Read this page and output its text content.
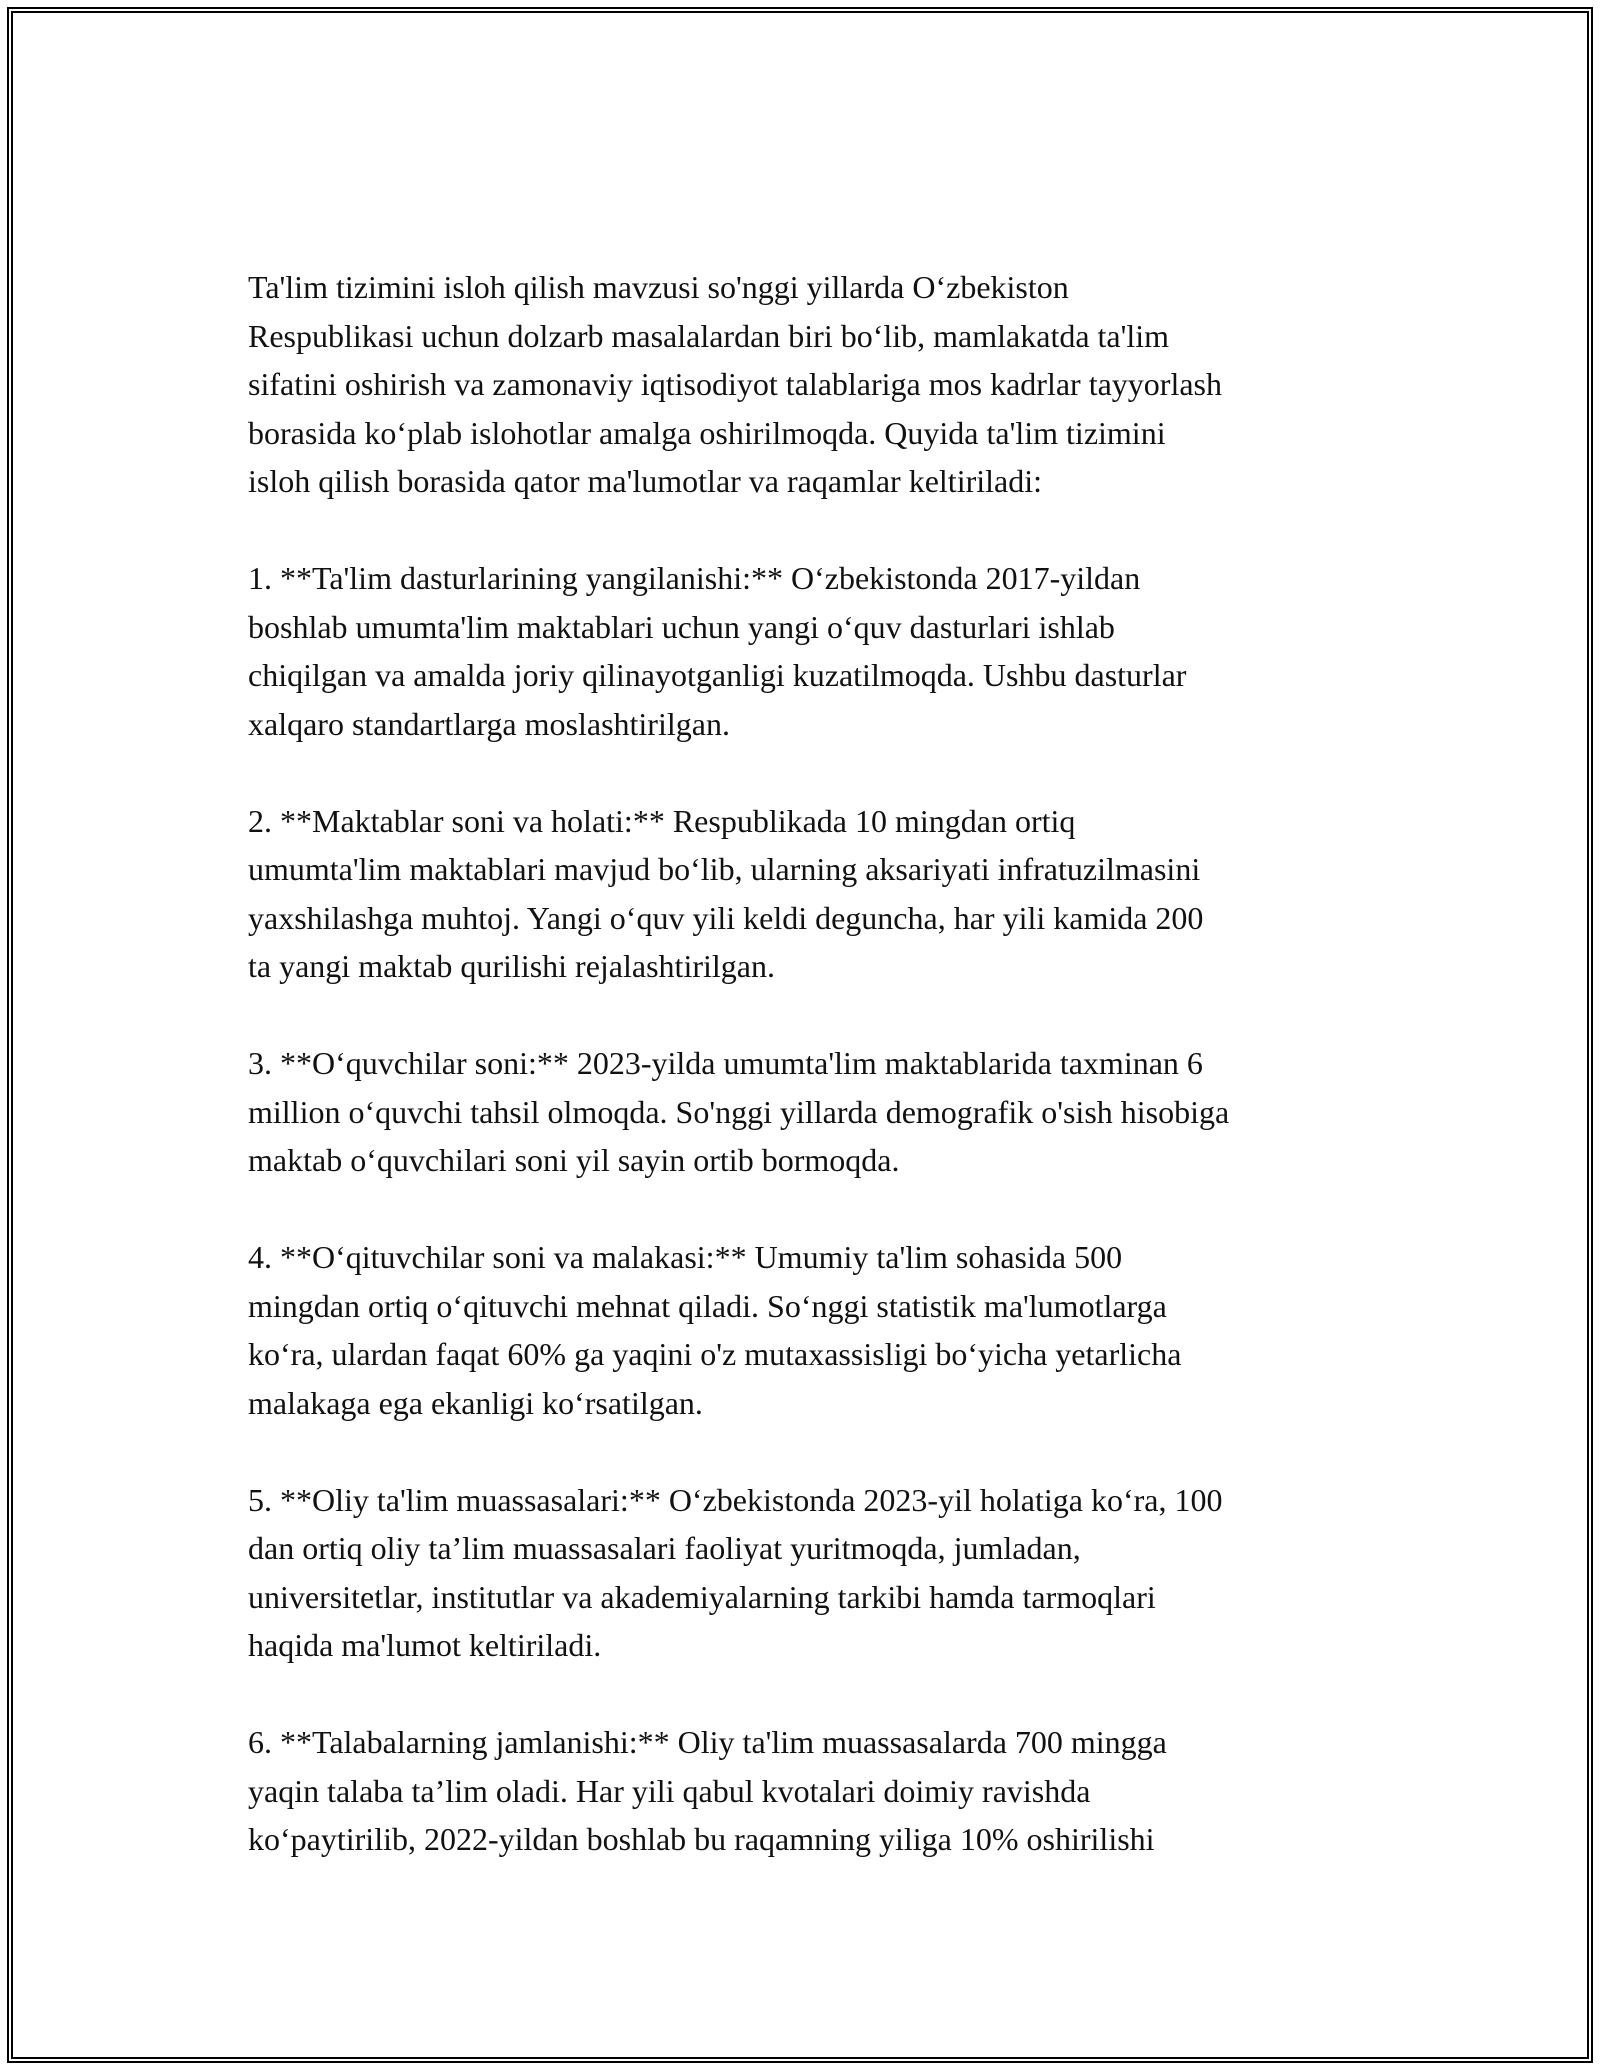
Ta'lim tizimini isloh qilish mavzusi so'nggi yillarda O‘zbekiston
Respublikasi uchun dolzarb masalalardan biri bo‘lib, mamlakatda ta'lim
sifatini oshirish va zamonaviy iqtisodiyot talablariga mos kadrlar tayyorlash
borasida ko‘plab islohotlar amalga oshirilmoqda. Quyida ta'lim tizimini
isloh qilish borasida qator ma'lumotlar va raqamlar keltiriladi:

1. **Ta'lim dasturlarining yangilanishi:** O‘zbekistonda 2017-yildan
boshlab umumta'lim maktablari uchun yangi o‘quv dasturlari ishlab
chiqilgan va amalda joriy qilinayotganligi kuzatilmoqda. Ushbu dasturlar
xalqaro standartlarga moslashtirilgan.

2. **Maktablar soni va holati:** Respublikada 10 mingdan ortiq
umumta'lim maktablari mavjud bo‘lib, ularning aksariyati infratuzilmasini
yaxshilashga muhtoj. Yangi o‘quv yili keldi deguncha, har yili kamida 200
ta yangi maktab qurilishi rejalashtirilgan.

3. **O‘quvchilar soni:** 2023-yilda umumta'lim maktablarida taxminan 6
million o‘quvchi tahsil olmoqda. So'nggi yillarda demografik o'sish hisobiga
maktab o‘quvchilari soni yil sayin ortib bormoqda.

4. **O‘qituvchilar soni va malakasi:** Umumiy ta'lim sohasida 500
mingdan ortiq o‘qituvchi mehnat qiladi. So‘nggi statistik ma'lumotlarga
ko‘ra, ulardan faqat 60% ga yaqini o'z mutaxassisligi bo‘yicha yetarlicha
malakaga ega ekanligi ko‘rsatilgan.

5. **Oliy ta'lim muassasalari:** O‘zbekistonda 2023-yil holatiga ko‘ra, 100
dan ortiq oliy ta’lim muassasalari faoliyat yuritmoqda, jumladan,
universitetlar, institutlar va akademiyalarning tarkibi hamda tarmoqlari
haqida ma'lumot keltiriladi.

6. **Talabalarning jamlanishi:** Oliy ta'lim muassasalarda 700 mingga
yaqin talaba ta’lim oladi. Har yili qabul kvotalari doimiy ravishda
ko‘paytirilib, 2022-yildan boshlab bu raqamning yiliga 10% oshirilishi
